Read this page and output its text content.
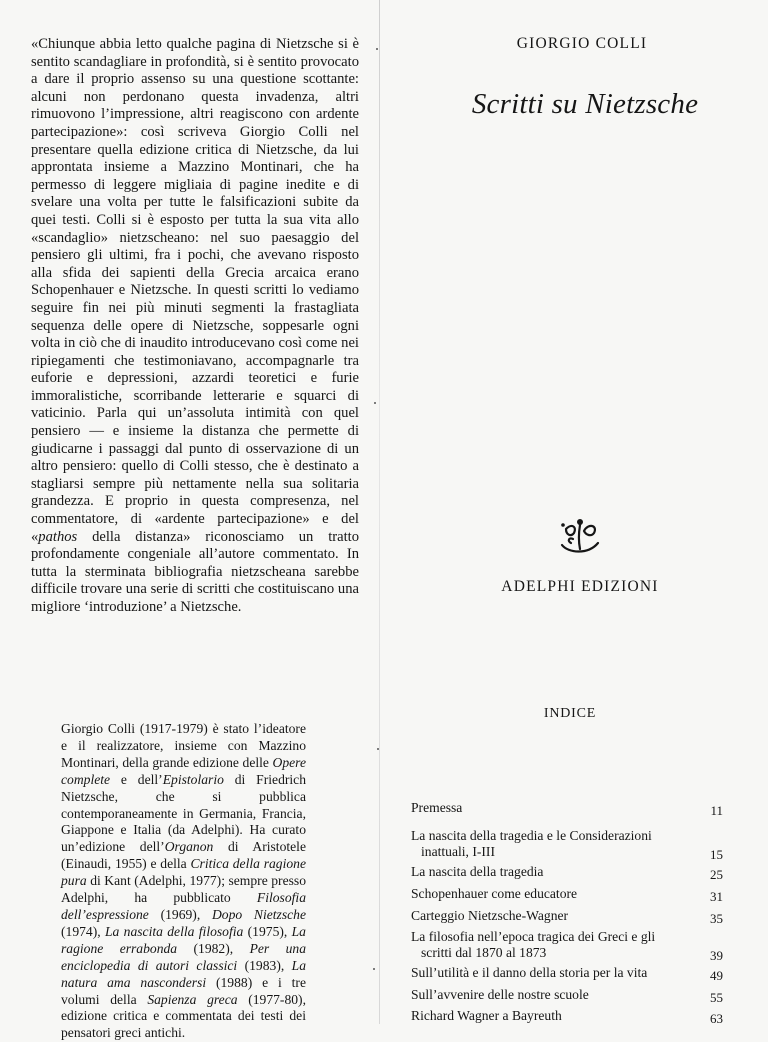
«Chiunque abbia letto qualche pagina di Nietzsche si è sentito scandagliare in profondità, si è sentito provocato a dare il proprio assenso su una questione scottante: alcuni non perdonano questa invadenza, altri rimuovono l’impressione, altri reagiscono con ardente partecipazione»: così scriveva Giorgio Colli nel presentare quella edizione critica di Nietzsche, da lui approntata insieme a Mazzino Montinari, che ha permesso di leggere migliaia di pagine inedite e di svelare una volta per tutte le falsificazioni subite da quei testi. Colli si è esposto per tutta la sua vita allo «scandaglio» nietzscheano: nel suo paesaggio del pensiero gli ultimi, fra i pochi, che avevano risposto alla sfida dei sapienti della Grecia arcaica erano Schopenhauer e Nietzsche. In questi scritti lo vediamo seguire fin nei più minuti segmenti la frastagliata sequenza delle opere di Nietzsche, soppesarle ogni volta in ciò che di inaudito introducevano così come nei ripiegamenti che testimoniavano, accompagnarle tra euforie e depressioni, azzardi teoretici e furie immoralistiche, scorribande letterarie e squarci di vaticinio. Parla qui un’assoluta intimità con quel pensiero — e insieme la distanza che permette di giudicarne i passaggi dal punto di osservazione di un altro pensiero: quello di Colli stesso, che è destinato a stagliarsi sempre più nettamente nella sua solitaria grandezza. E proprio in questa compresenza, nel commentatore, di «ardente partecipazione» e del «pathos della distanza» riconosciamo un tratto profondamente congeniale all’autore commentato. In tutta la sterminata bibliografia nietzscheana sarebbe difficile trovare una serie di scritti che costituiscano una migliore ‘introduzione’ a Nietzsche.

GIORGIO COLLI
Scritti su Nietzsche
ADELPHI EDIZIONI

Giorgio Colli (1917-1979) è stato l’ideatore e il realizzatore, insieme con Mazzino Montinari, della grande edizione delle Opere complete e dell’Epistolario di Friedrich Nietzsche, che si pubblica contemporaneamente in Germania, Francia, Giappone e Italia (da Adelphi). Ha curato un’edizione dell’Organon di Aristotele (Einaudi, 1955) e della Critica della ragione pura di Kant (Adelphi, 1977); sempre presso Adelphi, ha pubblicato Filosofia dell’espressione (1969), Dopo Nietzsche (1974), La nascita della filosofia (1975), La ragione errabonda (1982), Per una enciclopedia di autori classici (1983), La natura ama nascondersi (1988) e i tre volumi della Sapienza greca (1977-80), edizione critica e commentata dei testi dei pensatori greci antichi.

INDICE
Premessa	11
La nascita della tragedia e le Considerazioni
inattuali, I-III	15
La nascita della tragedia	25
Schopenhauer come educatore	31
Carteggio Nietzsche-Wagner	35
La filosofia nell’epoca tragica dei Greci e gli
scritti dal 1870 al 1873	39
Sull’utilità e il danno della storia per la vita	49
Sull’avvenire delle nostre scuole	55
Richard Wagner a Bayreuth	63
